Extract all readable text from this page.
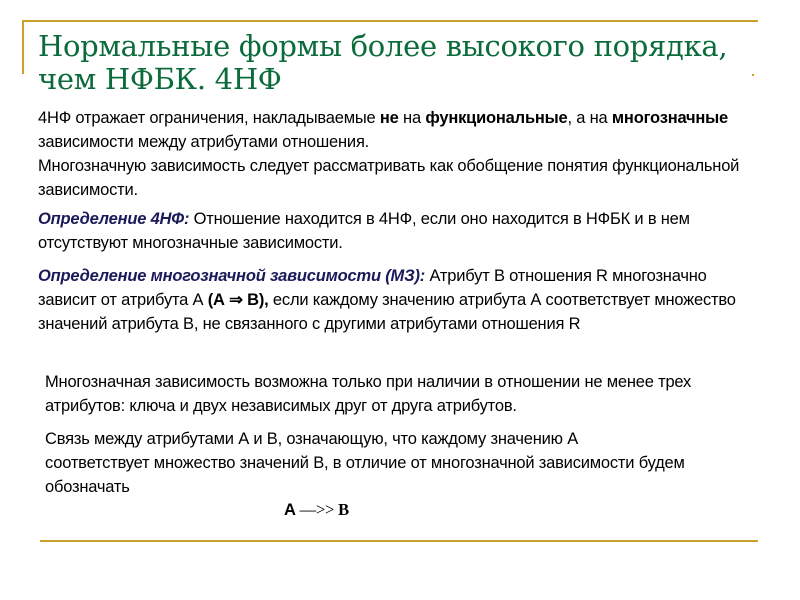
Нормальные формы более высокого порядка, чем НФБК. 4НФ
4НФ отражает ограничения, накладываемые не на функциональные, а на многозначные зависимости между атрибутами отношения.
Многозначную зависимость следует рассматривать как обобщение понятия функциональной зависимости.
Определение 4НФ: Отношение находится в 4НФ, если оно находится в НФБК и в нем отсутствуют многозначные зависимости.
Определение многозначной зависимости (МЗ): Атрибут В отношения R многозначно зависит от атрибута А (А ⇒ В), если каждому значению атрибута А соответствует множество значений атрибута В, не связанного с другими атрибутами отношения R
Многозначная зависимость возможна только при наличии в отношении не менее трех атрибутов: ключа и двух независимых друг от друга атрибутов.
Связь между атрибутами А и В, означающую, что каждому значению А соответствует множество значений В, в отличие от многозначной зависимости будем обозначать
А —>> В
